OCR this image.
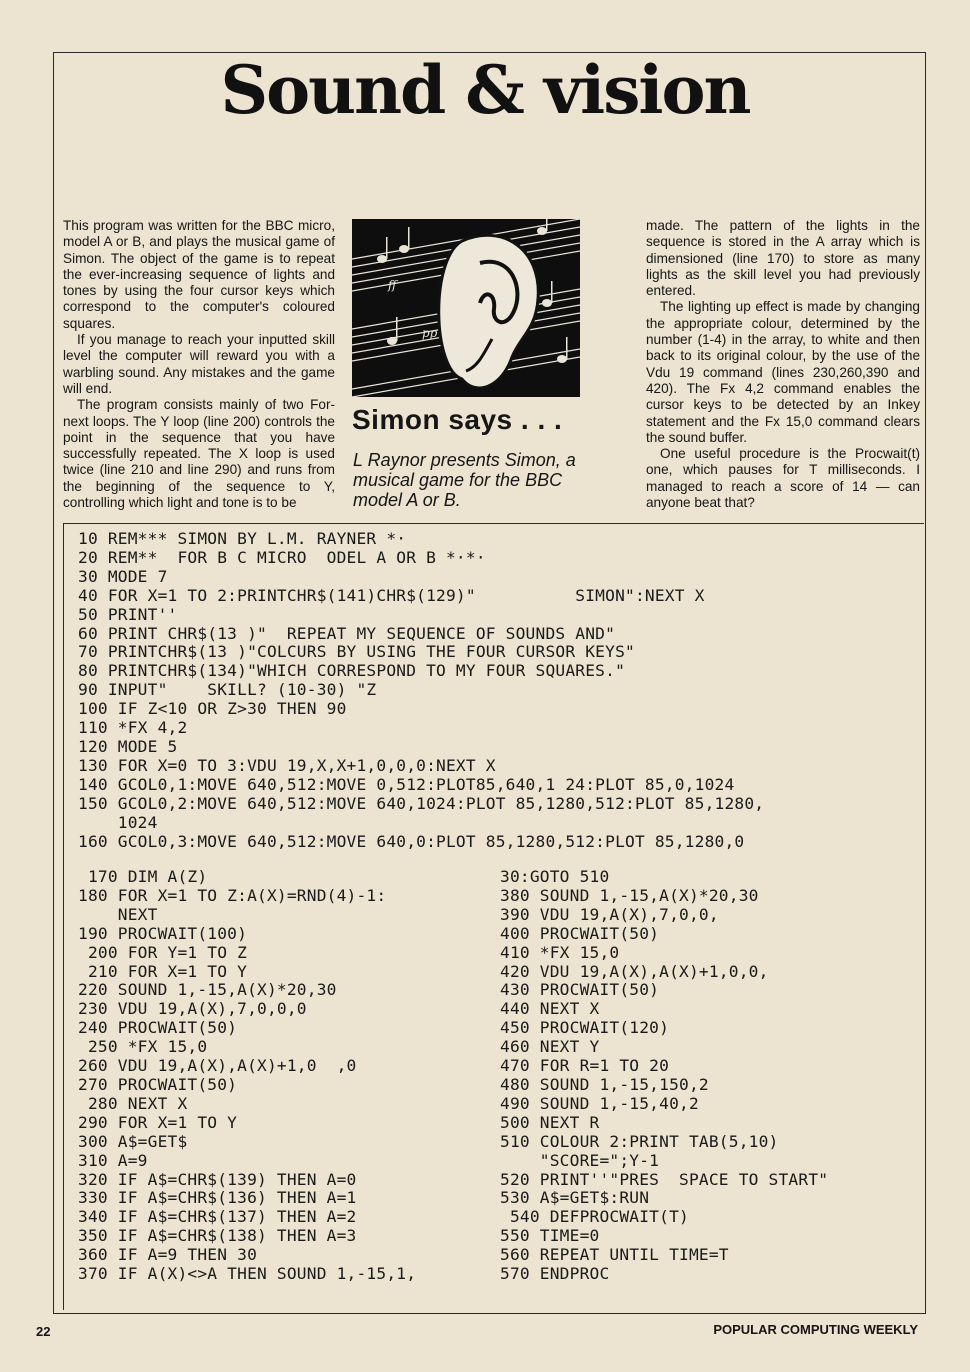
Sound & vision

This program was written for the BBC micro, model A or B, and plays the musical game of Simon. The object of the game is to repeat the ever-increasing sequence of lights and tones by using the four cursor keys which correspond to the computer's coloured squares.

If you manage to reach your inputted skill level the computer will reward you with a warbling sound. Any mistakes and the game will end.

The program consists mainly of two For-next loops. The Y loop (line 200) controls the point in the sequence that you have successfully repeated. The X loop is used twice (line 210 and line 290) and runs from the beginning of the sequence to Y, controlling which light and tone is to be

ff
pp
Simon says . . .
L Raynor presents Simon, a musical game for the BBC model A or B.

made. The pattern of the lights in the sequence is stored in the A array which is dimensioned (line 170) to store as many lights as the skill level you had previously entered.

The lighting up effect is made by changing the appropriate colour, determined by the number (1-4) in the array, to white and then back to its original colour, by the use of the Vdu 19 command (lines 230,260,390 and 420). The Fx 4,2 command enables the cursor keys to be detected by an Inkey statement and the Fx 15,0 command clears the sound buffer.

One useful procedure is the Procwait(t) one, which pauses for T milliseconds. I managed to reach a score of 14 — can anyone beat that?

10 REM*** SIMON BY L.M. RAYNER *·
20 REM**  FOR B C MICRO  ODEL A OR B *·*·
30 MODE 7
40 FOR X=1 TO 2:PRINTCHR$(141)CHR$(129)"          SIMON":NEXT X
50 PRINT''
60 PRINT CHR$(13 )"  REPEAT MY SEQUENCE OF SOUNDS AND"
70 PRINTCHR$(13 )"COLCURS BY USING THE FOUR CURSOR KEYS"
80 PRINTCHR$(134)"WHICH CORRESPOND TO MY FOUR SQUARES."
90 INPUT"    SKILL? (10-30) "Z
100 IF Z<10 OR Z>30 THEN 90
110 *FX 4,2
120 MODE 5
130 FOR X=0 TO 3:VDU 19,X,X+1,0,0,0:NEXT X
140 GCOL0,1:MOVE 640,512:MOVE 0,512:PLOT85,640,1 24:PLOT 85,0,1024
150 GCOL0,2:MOVE 640,512:MOVE 640,1024:PLOT 85,1280,512:PLOT 85,1280,
1024
160 GCOL0,3:MOVE 640,512:MOVE 640,0:PLOT 85,1280,512:PLOT 85,1280,0
170 DIM A(Z)
180 FOR X=1 TO Z:A(X)=RND(4)-1:
NEXT
190 PROCWAIT(100)
200 FOR Y=1 TO Z
210 FOR X=1 TO Y
220 SOUND 1,-15,A(X)*20,30
230 VDU 19,A(X),7,0,0,0
240 PROCWAIT(50)
250 *FX 15,0
260 VDU 19,A(X),A(X)+1,0  ,0
270 PROCWAIT(50)
280 NEXT X
290 FOR X=1 TO Y
300 A$=GET$
310 A=9
320 IF A$=CHR$(139) THEN A=0
330 IF A$=CHR$(136) THEN A=1
340 IF A$=CHR$(137) THEN A=2
350 IF A$=CHR$(138) THEN A=3
360 IF A=9 THEN 30
370 IF A(X)<>A THEN SOUND 1,-15,1,
30:GOTO 510
380 SOUND 1,-15,A(X)*20,30
390 VDU 19,A(X),7,0,0,
400 PROCWAIT(50)
410 *FX 15,0
420 VDU 19,A(X),A(X)+1,0,0,
430 PROCWAIT(50)
440 NEXT X
450 PROCWAIT(120)
460 NEXT Y
470 FOR R=1 TO 20
480 SOUND 1,-15,150,2
490 SOUND 1,-15,40,2
500 NEXT R
510 COLOUR 2:PRINT TAB(5,10)
"SCORE=";Y-1
520 PRINT''"PRES  SPACE TO START"
530 A$=GET$:RUN
540 DEFPROCWAIT(T)
550 TIME=0
560 REPEAT UNTIL TIME=T
570 ENDPROC
22	POPULAR COMPUTING WEEKLY
